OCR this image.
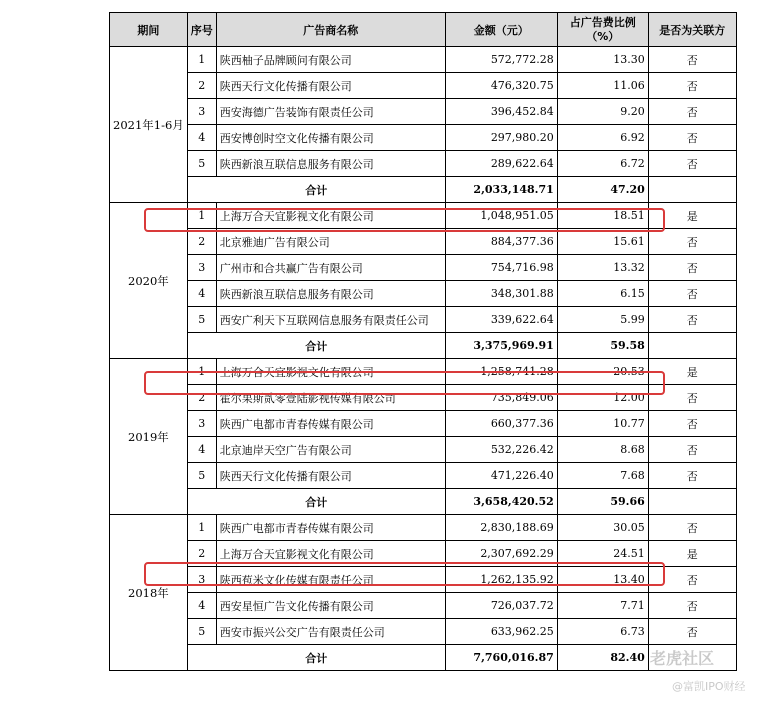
期间	序号	广告商名称	金额（元）	占广告费比例（%）	是否为关联方
2021年1-6月	1	陕西柚子品牌顾问有限公司	572,772.28	13.30	否
	2	陕西天行文化传播有限公司	476,320.75	11.06	否
	3	西安海德广告装饰有限责任公司	396,452.84	9.20	否
	4	西安博创时空文化传播有限公司	297,980.20	6.92	否
	5	陕西新浪互联信息服务有限公司	289,622.64	6.72	否
	合计		2,033,148.71	47.20	
2020年	1	上海万合天宜影视文化有限公司	1,048,951.05	18.51	是
	2	北京雅迪广告有限公司	884,377.36	15.61	否
	3	广州市和合共赢广告有限公司	754,716.98	13.32	否
	4	陕西新浪互联信息服务有限公司	348,301.88	6.15	否
	5	西安广利天下互联网信息服务有限责任公司	339,622.64	5.99	否
	合计		3,375,969.91	59.58	
2019年	1	上海万合天宜影视文化有限公司	1,258,741.28	20.53	是
	2	霍尔果斯贰零壹陆影视传媒有限公司	735,849.06	12.00	否
	3	陕西广电都市青春传媒有限公司	660,377.36	10.77	否
	4	北京迪岸天空广告有限公司	532,226.42	8.68	否
	5	陕西天行文化传播有限公司	471,226.40	7.68	否
	合计		3,658,420.52	59.66	
2018年	1	陕西广电都市青春传媒有限公司	2,830,188.69	30.05	否
	2	上海万合天宜影视文化有限公司	2,307,692.29	24.51	是
	3	陕西苞米文化传媒有限责任公司	1,262,135.92	13.40	否
	4	西安星恒广告文化传播有限公司	726,037.72	7.71	否
	5	西安市振兴公交广告有限责任公司	633,962.25	6.73	否
	合计		7,760,016.87	82.40	老虎社区
@富凯IPO财经
